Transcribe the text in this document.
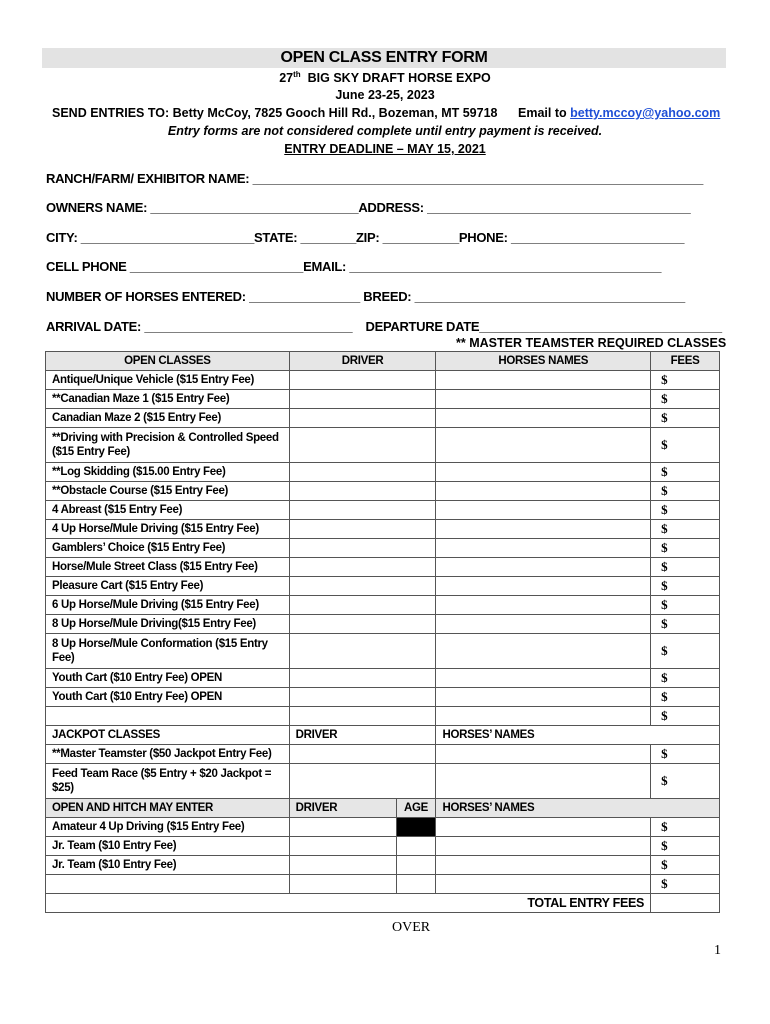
OPEN CLASS ENTRY FORM
27th BIG SKY DRAFT HORSE EXPO
June 23-25, 2023
SEND ENTRIES TO: Betty McCoy, 7825 Gooch Hill Rd., Bozeman, MT 59718 Email to betty.mccoy@yahoo.com
Entry forms are not considered complete until entry payment is received.
ENTRY DEADLINE – MAY 15, 2021
RANCH/FARM/ EXHIBITOR NAME: _________________________________________________________________
OWNERS NAME: ______________________________ADDRESS: ______________________________________
CITY: _________________________STATE: ________ZIP: ___________PHONE: _________________________
CELL PHONE _________________________EMAIL: _____________________________________________
NUMBER OF HORSES ENTERED: ________________ BREED: _______________________________________
ARRIVAL DATE: ______________________________    DEPARTURE DATE___________________________________
** MASTER TEAMSTER REQUIRED CLASSES
OPEN CLASSES	DRIVER		HORSES NAMES	FEES
Antique/Unique Vehicle ($15 Entry Fee)				$
**Canadian Maze 1 ($15 Entry Fee)				$
Canadian Maze 2 ($15 Entry Fee)				$
**Driving with Precision & Controlled Speed ($15 Entry Fee)				$
**Log Skidding ($15.00 Entry Fee)				$
**Obstacle Course ($15 Entry Fee)				$
4 Abreast ($15 Entry Fee)				$
4 Up Horse/Mule Driving ($15 Entry Fee)				$
Gamblers’ Choice ($15 Entry Fee)				$
Horse/Mule Street Class ($15 Entry Fee)				$
Pleasure Cart ($15 Entry Fee)				$
6 Up Horse/Mule Driving ($15 Entry Fee)				$
8 Up Horse/Mule Driving($15 Entry Fee)				$
8 Up Horse/Mule Conformation ($15 Entry Fee)				$
Youth Cart ($10 Entry Fee) OPEN				$
Youth Cart ($10 Entry Fee) OPEN				$
				$
JACKPOT CLASSES	DRIVER		HORSES’ NAMES	
**Master Teamster ($50 Jackpot Entry Fee)				$
Feed Team Race ($5 Entry + $20 Jackpot = $25)				$
OPEN AND HITCH MAY ENTER	DRIVER	AGE	HORSES’ NAMES	
Amateur 4 Up Driving ($15 Entry Fee)				$
Jr. Team ($10 Entry Fee)				$
Jr. Team ($10 Entry Fee)				$
				$
TOTAL ENTRY FEES				
OVER
1
